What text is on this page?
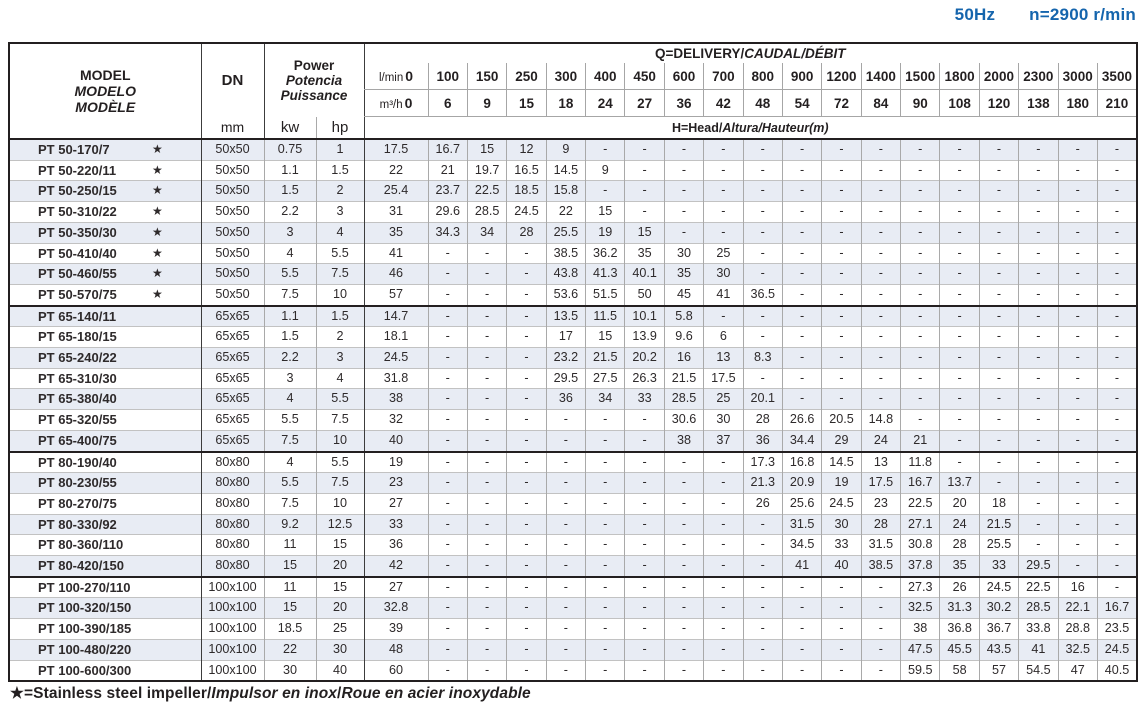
50Hz n=2900 r/min
MODEL
MODELO
MODÈLE	DN	Power
Potencia
Puissance		Q=DELIVERY/CAUDAL/DÉBIT																		
				l/min 0	100	150	250	300	400	450	600	700	800	900	1200	1400	1500	1800	2000	2300	3000	3500
				m³/h 0	6	9	15	18	24	27	36	42	48	54	72	84	90	108	120	138	180	210
	mm	kw	hp	H=Head/Altura/Hauteur(m)																		
PT 50-170/7 ★	50x50	0.75	1	17.5	16.7	15	12	9	-	-	-	-	-	-	-	-	-	-	-	-	-	-
PT 50-220/11 ★	50x50	1.1	1.5	22	21	19.7	16.5	14.5	9	-	-	-	-	-	-	-	-	-	-	-	-	-
PT 50-250/15 ★	50x50	1.5	2	25.4	23.7	22.5	18.5	15.8	-	-	-	-	-	-	-	-	-	-	-	-	-	-
PT 50-310/22 ★	50x50	2.2	3	31	29.6	28.5	24.5	22	15	-	-	-	-	-	-	-	-	-	-	-	-	-
PT 50-350/30 ★	50x50	3	4	35	34.3	34	28	25.5	19	15	-	-	-	-	-	-	-	-	-	-	-	-
PT 50-410/40 ★	50x50	4	5.5	41	-	-	-	38.5	36.2	35	30	25	-	-	-	-	-	-	-	-	-	-
PT 50-460/55 ★	50x50	5.5	7.5	46	-	-	-	43.8	41.3	40.1	35	30	-	-	-	-	-	-	-	-	-	-
PT 50-570/75 ★	50x50	7.5	10	57	-	-	-	53.6	51.5	50	45	41	36.5	-	-	-	-	-	-	-	-	-
PT 65-140/11	65x65	1.1	1.5	14.7	-	-	-	13.5	11.5	10.1	5.8	-	-	-	-	-	-	-	-	-	-	-
PT 65-180/15	65x65	1.5	2	18.1	-	-	-	17	15	13.9	9.6	6	-	-	-	-	-	-	-	-	-	-
PT 65-240/22	65x65	2.2	3	24.5	-	-	-	23.2	21.5	20.2	16	13	8.3	-	-	-	-	-	-	-	-	-
PT 65-310/30	65x65	3	4	31.8	-	-	-	29.5	27.5	26.3	21.5	17.5	-	-	-	-	-	-	-	-	-	-
PT 65-380/40	65x65	4	5.5	38	-	-	-	36	34	33	28.5	25	20.1	-	-	-	-	-	-	-	-	-
PT 65-320/55	65x65	5.5	7.5	32	-	-	-	-	-	-	30.6	30	28	26.6	20.5	14.8	-	-	-	-	-	-
PT 65-400/75	65x65	7.5	10	40	-	-	-	-	-	-	38	37	36	34.4	29	24	21	-	-	-	-	-
PT 80-190/40	80x80	4	5.5	19	-	-	-	-	-	-	-	-	17.3	16.8	14.5	13	11.8	-	-	-	-	-
PT 80-230/55	80x80	5.5	7.5	23	-	-	-	-	-	-	-	-	21.3	20.9	19	17.5	16.7	13.7	-	-	-	-
PT 80-270/75	80x80	7.5	10	27	-	-	-	-	-	-	-	-	26	25.6	24.5	23	22.5	20	18	-	-	-
PT 80-330/92	80x80	9.2	12.5	33	-	-	-	-	-	-	-	-	-	31.5	30	28	27.1	24	21.5	-	-	-
PT 80-360/110	80x80	11	15	36	-	-	-	-	-	-	-	-	-	34.5	33	31.5	30.8	28	25.5	-	-	-
PT 80-420/150	80x80	15	20	42	-	-	-	-	-	-	-	-	-	41	40	38.5	37.8	35	33	29.5	-	-
PT 100-270/110	100x100	11	15	27	-	-	-	-	-	-	-	-	-	-	-	-	27.3	26	24.5	22.5	16	-
PT 100-320/150	100x100	15	20	32.8	-	-	-	-	-	-	-	-	-	-	-	-	32.5	31.3	30.2	28.5	22.1	16.7
PT 100-390/185	100x100	18.5	25	39	-	-	-	-	-	-	-	-	-	-	-	-	38	36.8	36.7	33.8	28.8	23.5
PT 100-480/220	100x100	22	30	48	-	-	-	-	-	-	-	-	-	-	-	-	47.5	45.5	43.5	41	32.5	24.5
PT 100-600/300	100x100	30	40	60	-	-	-	-	-	-	-	-	-	-	-	-	59.5	58	57	54.5	47	40.5
★=Stainless steel impeller/Impulsor en inox/Roue en acier inoxydable
